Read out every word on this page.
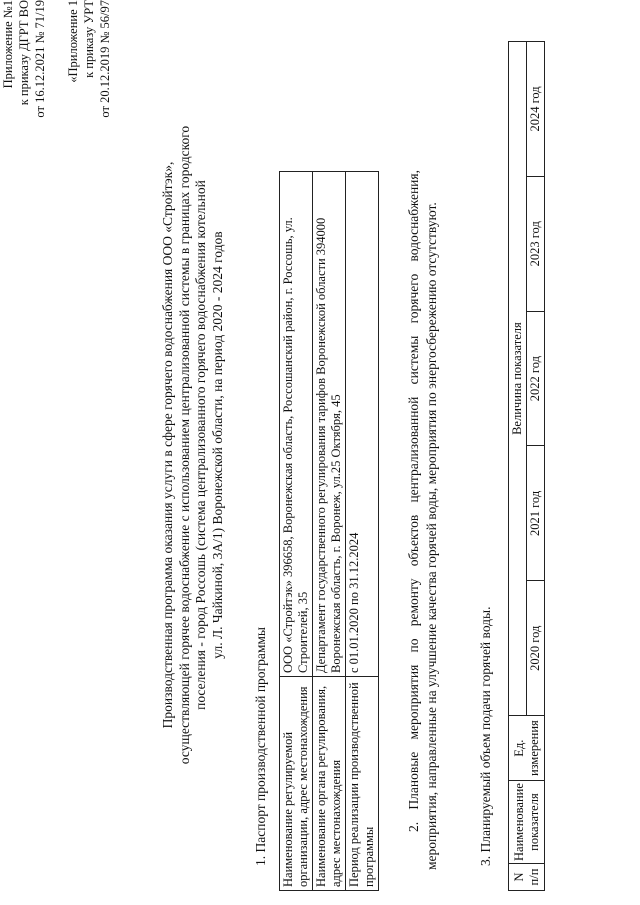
Приложение №1 к приказу ДГРТ ВО от 16.12.2021 № 71/19 «Приложение 1 к приказу УРТ от 20.12.2019 № 56/97
Производственная программа оказания услуги в сфере горячего водоснабжения ООО «Стройтэк», осуществляющей горячее водоснабжение с использованием централизованной системы в границах городского поселения - город Россошь (система централизованного горячего водоснабжения котельной ул. Л. Чайкиной, 3А/1) Воронежской области, на период 2020 - 2024 годов
1. Паспорт производственной программы Наименование регулируемой организации, адрес местонахождения	ООО «Стройтэк» 396658, Воронежская область, Россошанский район, г. Россошь, ул. Строителей, 35
Наименование органа регулирования, адрес местонахождения	Департамент государственного регулирования тарифов Воронежской области 394000 Воронежская область, г. Воронеж, ул.25 Октября, 45
Период реализации производственной программы	с 01.01.2020 по 31.12.2024	2. Плановые мероприятия по ремонту объектов централизованной системы горячего водоснабжения, мероприятия, направленные на улучшение качества горячей воды, мероприятия по энергосбережению отсутствуют.	3. Планируемый объем подачи горячей воды.
N п/п	Наименование показателя	Ед. измерения	Величина показателя				
			2020 год	2021 год	2022 год	2023 год	2024 год
